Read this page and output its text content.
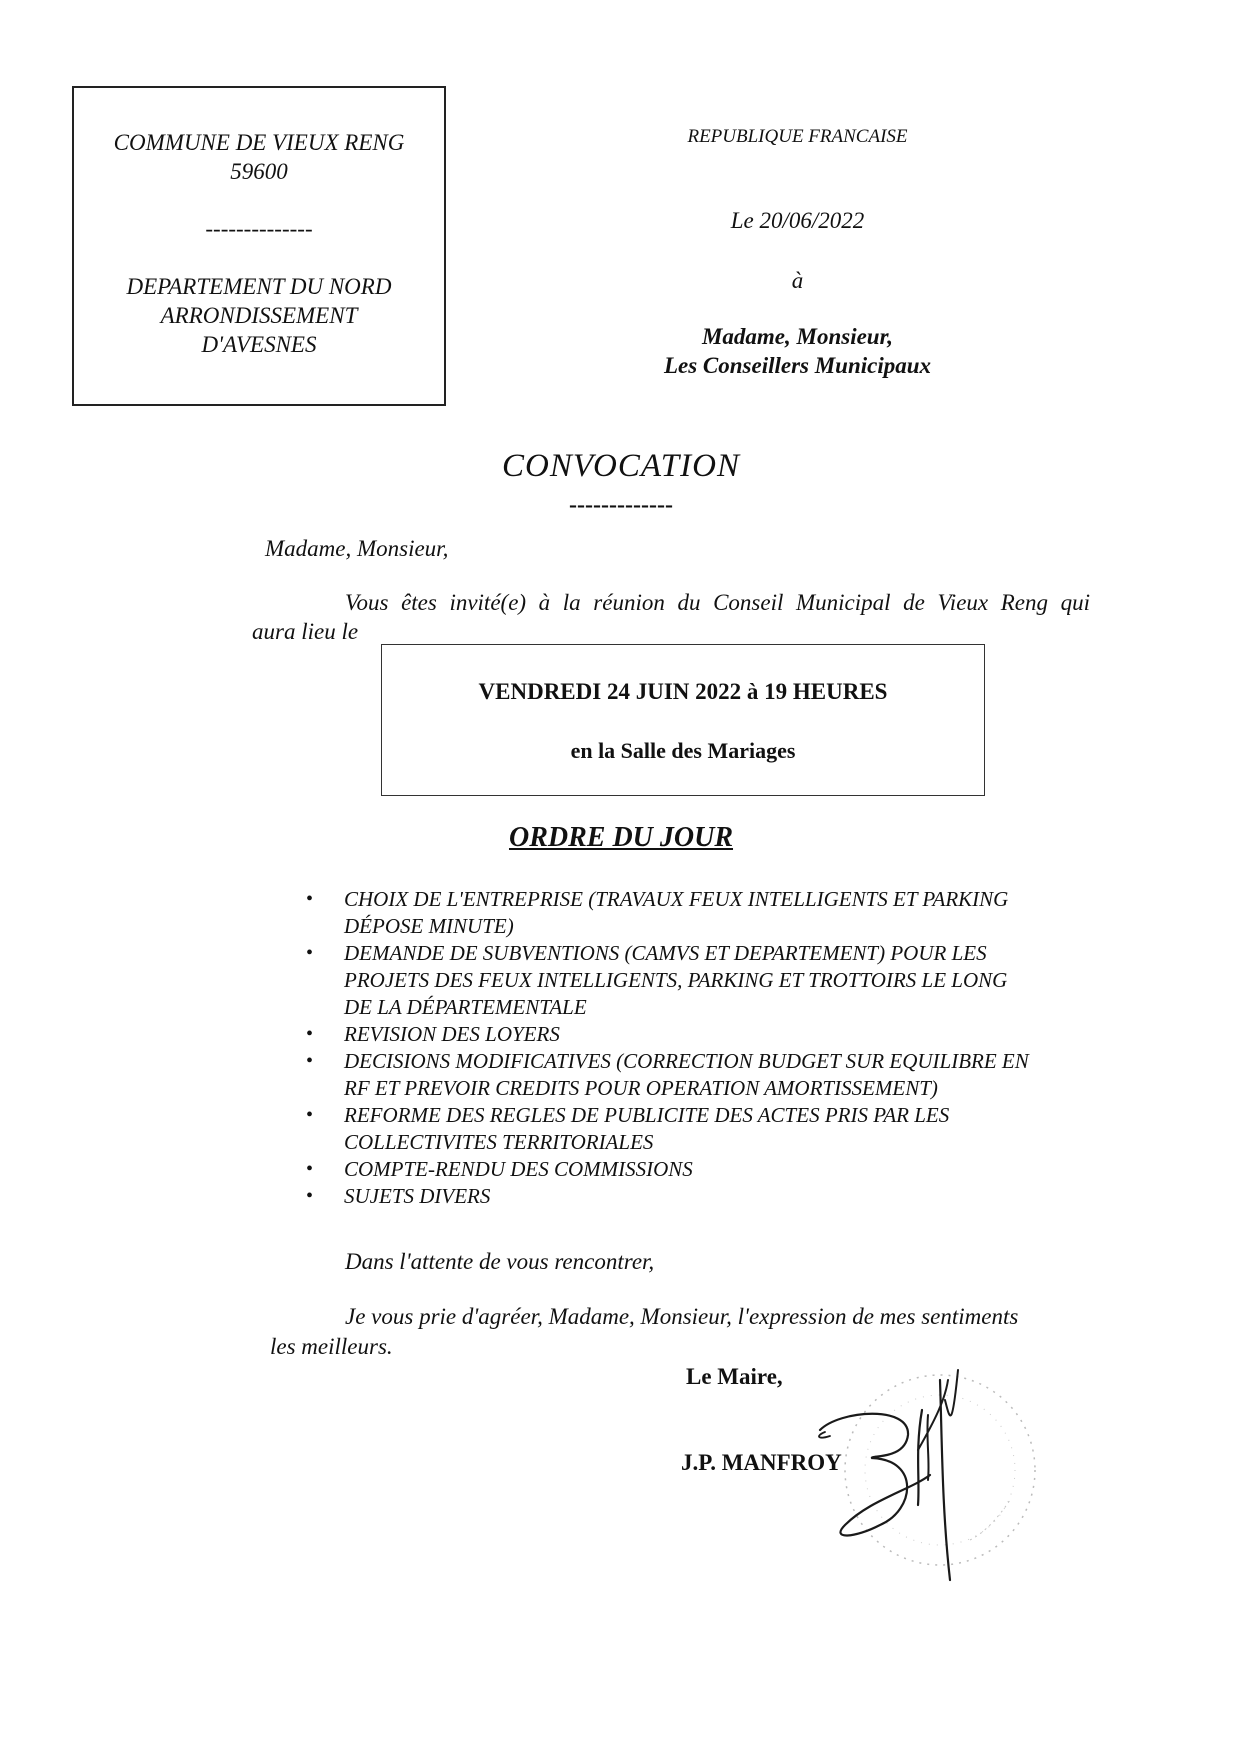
COMMUNE DE VIEUX RENG
59600
--------------
DEPARTEMENT DU NORD
ARRONDISSEMENT
D'AVESNES
REPUBLIQUE FRANCAISE
Le 20/06/2022
à
Madame, Monsieur,
Les Conseillers Municipaux
CONVOCATION
-------------
Madame, Monsieur,
Vous êtes invité(e) à la réunion du Conseil Municipal de Vieux Reng qui
aura lieu le
VENDREDI 24 JUIN 2022 à 19 HEURES
en la Salle des Mariages
ORDRE DU JOUR
• CHOIX DE L'ENTREPRISE (TRAVAUX FEUX INTELLIGENTS ET PARKING
DÉPOSE MINUTE)
• DEMANDE DE SUBVENTIONS (CAMVS ET DEPARTEMENT) POUR LES
PROJETS DES FEUX INTELLIGENTS, PARKING ET TROTTOIRS LE LONG
DE LA DÉPARTEMENTALE
• REVISION DES LOYERS
• DECISIONS MODIFICATIVES (CORRECTION BUDGET SUR EQUILIBRE EN
RF ET PREVOIR CREDITS POUR OPERATION AMORTISSEMENT)
• REFORME DES REGLES DE PUBLICITE DES ACTES PRIS PAR LES
COLLECTIVITES TERRITORIALES
• COMPTE-RENDU DES COMMISSIONS
• SUJETS DIVERS
Dans l'attente de vous rencontrer,
Je vous prie d'agréer, Madame, Monsieur, l'expression de mes sentiments
les meilleurs.
Le Maire,
J.P. MANFROY
